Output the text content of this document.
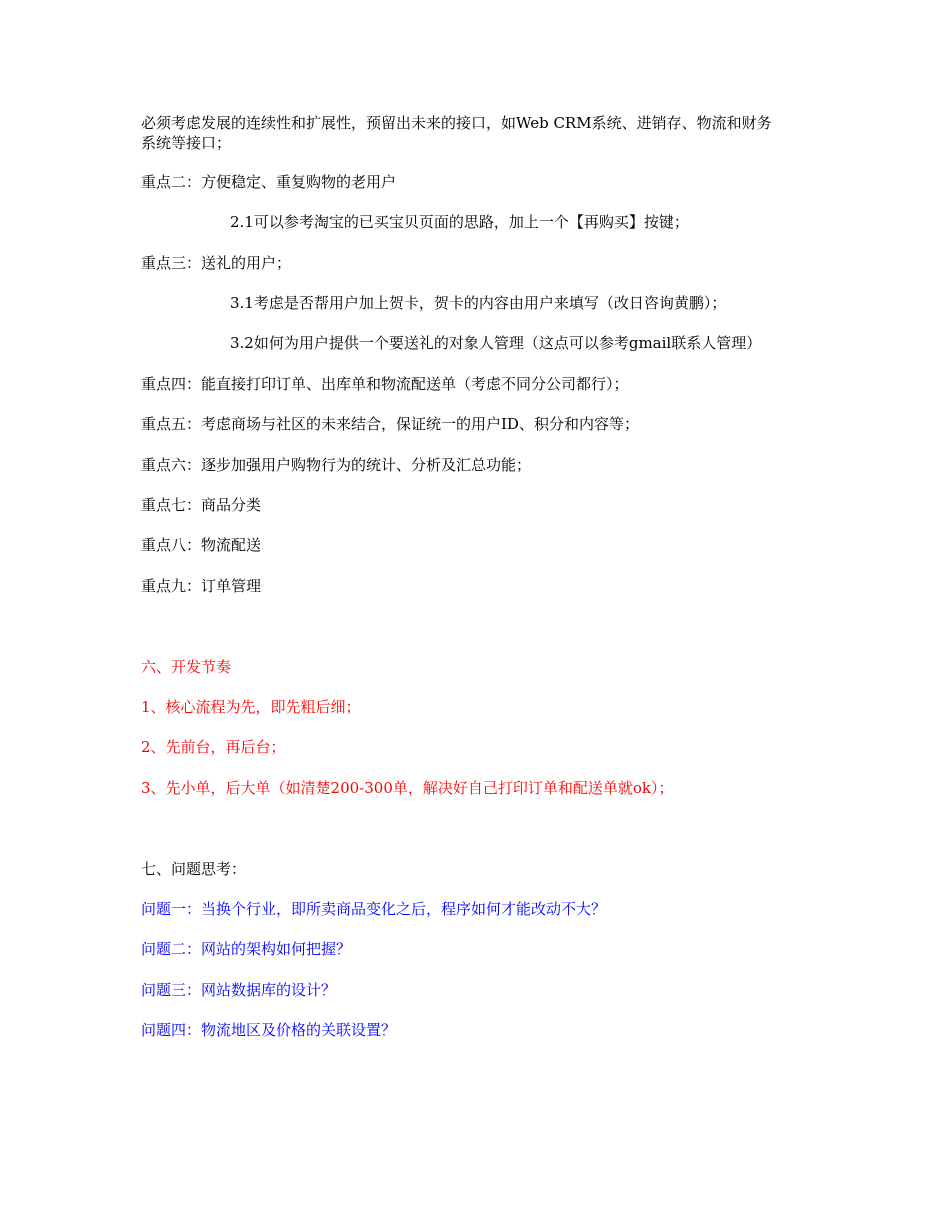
必须考虑发展的连续性和扩展性，预留出未来的接口，如Web CRM系统、进销存、物流和财务
系统等接口；
重点二：方便稳定、重复购物的老用户
2.1可以参考淘宝的已买宝贝页面的思路，加上一个【再购买】按键；
重点三：送礼的用户；
3.1考虑是否帮用户加上贺卡，贺卡的内容由用户来填写（改日咨询黄鹏）；
3.2如何为用户提供一个要送礼的对象人管理（这点可以参考gmail联系人管理）
重点四：能直接打印订单、出库单和物流配送单（考虑不同分公司都行）；
重点五：考虑商场与社区的未来结合，保证统一的用户ID、积分和内容等；
重点六：逐步加强用户购物行为的统计、分析及汇总功能；
重点七：商品分类
重点八：物流配送
重点九：订单管理
六、开发节奏
1、核心流程为先，即先粗后细；
2、先前台，再后台；
3、先小单，后大单（如清楚200-300单，解决好自己打印订单和配送单就ok）；
七、问题思考：
问题一：当换个行业，即所卖商品变化之后，程序如何才能改动不大？
问题二：网站的架构如何把握？
问题三：网站数据库的设计？
问题四：物流地区及价格的关联设置？
